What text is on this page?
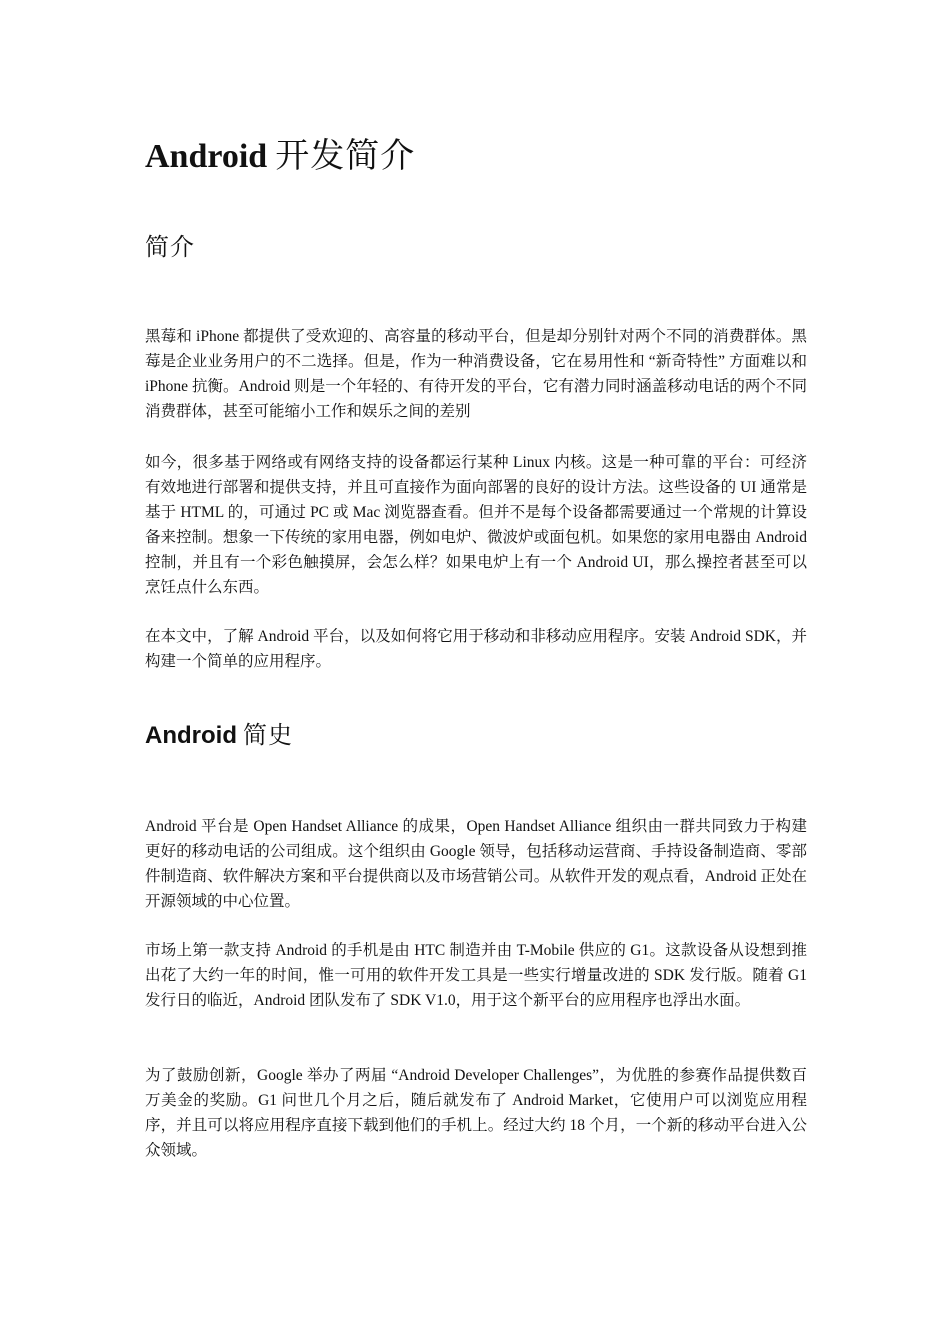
Android 开发简介
简介

黑莓和 iPhone 都提供了受欢迎的、高容量的移动平台，但是却分别针对两个不同的消费群体。黑莓是企业业务用户的不二选择。但是，作为一种消费设备，它在易用性和 “新奇特性” 方面难以和 iPhone 抗衡。Android 则是一个年轻的、有待开发的平台，它有潜力同时涵盖移动电话的两个不同消费群体，甚至可能缩小工作和娱乐之间的差别

如今，很多基于网络或有网络支持的设备都运行某种 Linux 内核。这是一种可靠的平台：可经济有效地进行部署和提供支持，并且可直接作为面向部署的良好的设计方法。这些设备的 UI 通常是基于 HTML 的，可通过 PC 或 Mac 浏览器查看。但并不是每个设备都需要通过一个常规的计算设备来控制。想象一下传统的家用电器，例如电炉、微波炉或面包机。如果您的家用电器由 Android 控制，并且有一个彩色触摸屏，会怎么样？如果电炉上有一个 Android UI，那么操控者甚至可以烹饪点什么东西。

在本文中，了解 Android 平台，以及如何将它用于移动和非移动应用程序。安装 Android SDK，并构建一个简单的应用程序。

Android 简史

Android 平台是 Open Handset Alliance 的成果，Open Handset Alliance 组织由一群共同致力于构建更好的移动电话的公司组成。这个组织由 Google 领导，包括移动运营商、手持设备制造商、零部件制造商、软件解决方案和平台提供商以及市场营销公司。从软件开发的观点看，Android 正处在开源领域的中心位置。

市场上第一款支持 Android 的手机是由 HTC 制造并由 T-Mobile 供应的 G1。这款设备从设想到推出花了大约一年的时间，惟一可用的软件开发工具是一些实行增量改进的 SDK 发行版。随着 G1 发行日的临近，Android 团队发布了 SDK V1.0，用于这个新平台的应用程序也浮出水面。

为了鼓励创新，Google 举办了两届 “Android Developer Challenges”，为优胜的参赛作品提供数百万美金的奖励。G1 问世几个月之后，随后就发布了 Android Market，它使用户可以浏览应用程序，并且可以将应用程序直接下载到他们的手机上。经过大约 18 个月，一个新的移动平台进入公众领域。
